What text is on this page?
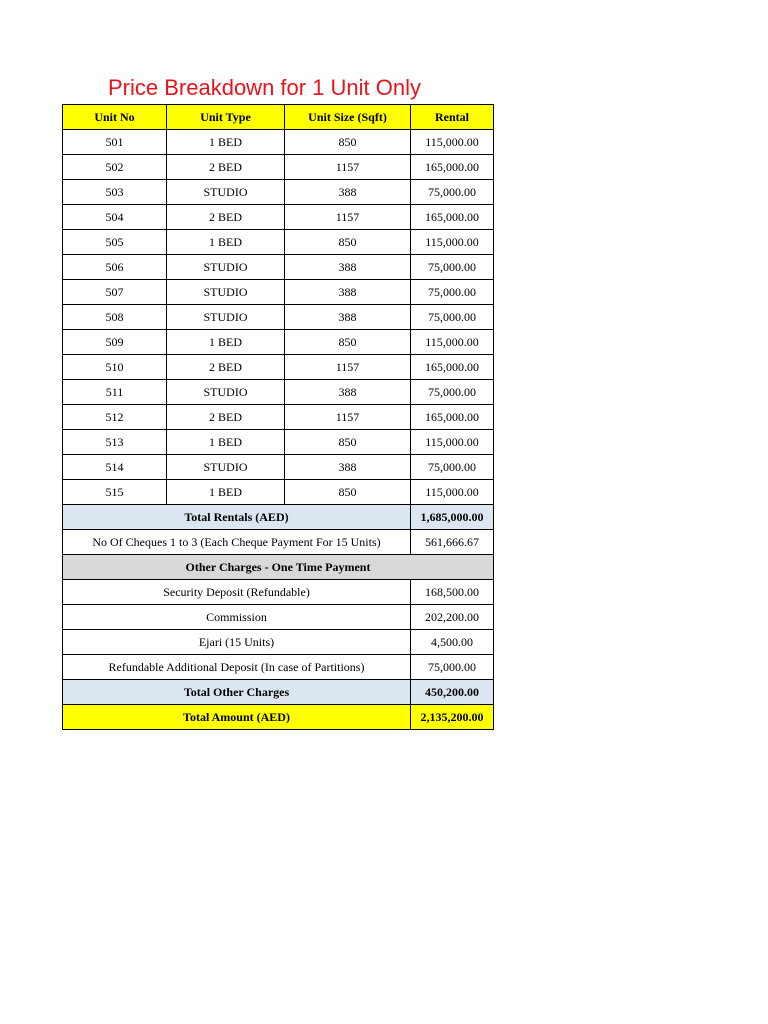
Price Breakdown for 1 Unit Only
Unit No	Unit Type	Unit Size (Sqft)	Rental
501	1 BED	850	115,000.00
502	2 BED	1157	165,000.00
503	STUDIO	388	75,000.00
504	2 BED	1157	165,000.00
505	1 BED	850	115,000.00
506	STUDIO	388	75,000.00
507	STUDIO	388	75,000.00
508	STUDIO	388	75,000.00
509	1 BED	850	115,000.00
510	2 BED	1157	165,000.00
511	STUDIO	388	75,000.00
512	2 BED	1157	165,000.00
513	1 BED	850	115,000.00
514	STUDIO	388	75,000.00
515	1 BED	850	115,000.00
Total Rentals (AED)			1,685,000.00
No Of Cheques 1 to 3 (Each Cheque Payment For 15 Units)			561,666.67
Other Charges - One Time Payment			
Security Deposit (Refundable)			168,500.00
Commission			202,200.00
Ejari (15 Units)			4,500.00
Refundable Additional Deposit (In case of Partitions)			75,000.00
Total Other Charges			450,200.00
Total Amount (AED)			2,135,200.00
